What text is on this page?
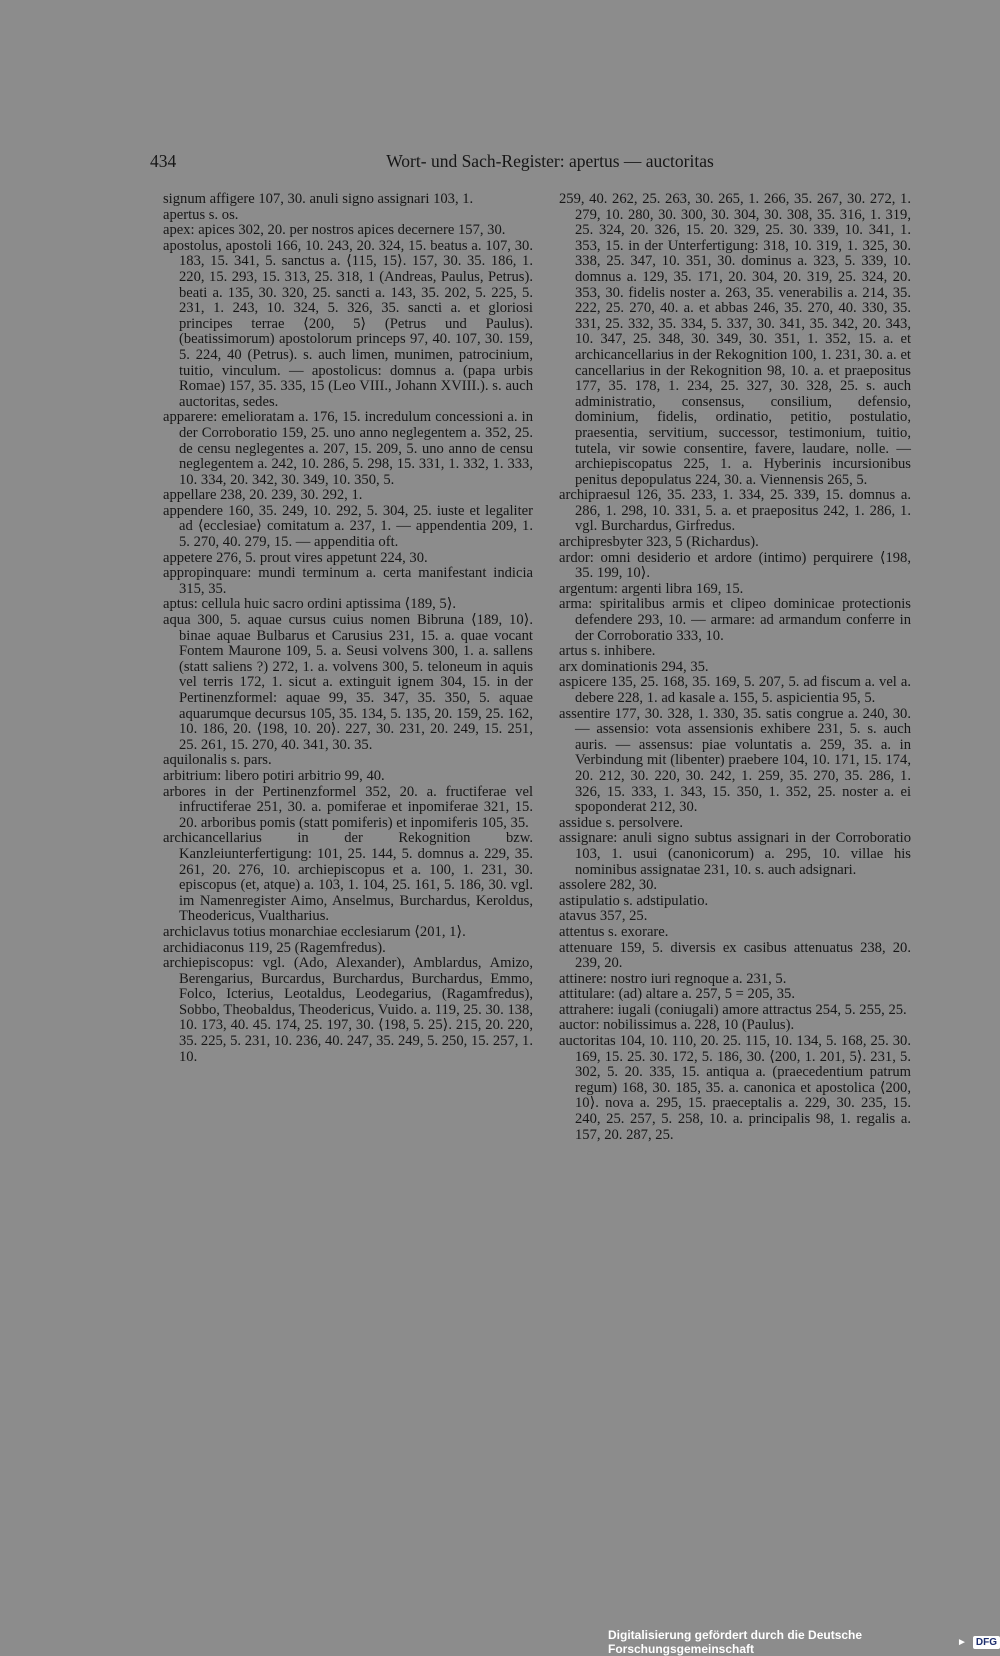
434	Wort- und Sach-Register: apertus — auctoritas

signum affigere 107, 30. anuli signo assignari 103, 1.

apertus s. os.

apex: apices 302, 20. per nostros apices decernere 157, 30.

apostolus, apostoli 166, 10. 243, 20. 324, 15. beatus a. 107, 30. 183, 15. 341, 5. sanctus a. ⟨115, 15⟩. 157, 30. 35. 186, 1. 220, 15. 293, 15. 313, 25. 318, 1 (Andreas, Paulus, Petrus). beati a. 135, 30. 320, 25. sancti a. 143, 35. 202, 5. 225, 5. 231, 1. 243, 10. 324, 5. 326, 35. sancti a. et gloriosi principes terrae ⟨200, 5⟩ (Petrus und Paulus). (beatissimorum) apostolorum princeps 97, 40. 107, 30. 159, 5. 224, 40 (Petrus). s. auch limen, munimen, patrocinium, tuitio, vinculum. — apostolicus: domnus a. (papa urbis Romae) 157, 35. 335, 15 (Leo VIII., Johann XVIII.). s. auch auctoritas, sedes.

apparere: emelioratam a. 176, 15. incredulum concessioni a. in der Corroboratio 159, 25. uno anno neglegentem a. 352, 25. de censu neglegentes a. 207, 15. 209, 5. uno anno de censu neglegentem a. 242, 10. 286, 5. 298, 15. 331, 1. 332, 1. 333, 10. 334, 20. 342, 30. 349, 10. 350, 5.

appellare 238, 20. 239, 30. 292, 1.

appendere 160, 35. 249, 10. 292, 5. 304, 25. iuste et legaliter ad ⟨ecclesiae⟩ comitatum a. 237, 1. — appendentia 209, 1. 5. 270, 40. 279, 15. — appenditia oft.

appetere 276, 5. prout vires appetunt 224, 30.

appropinquare: mundi terminum a. certa manifestant indicia 315, 35.

aptus: cellula huic sacro ordini aptissima ⟨189, 5⟩.

aqua 300, 5. aquae cursus cuius nomen Bibruna ⟨189, 10⟩. binae aquae Bulbarus et Carusius 231, 15. a. quae vocant Fontem Maurone 109, 5. a. Seusi volvens 300, 1. a. sallens (statt saliens ?) 272, 1. a. volvens 300, 5. teloneum in aquis vel terris 172, 1. sicut a. extinguit ignem 304, 15. in der Pertinenzformel: aquae 99, 35. 347, 35. 350, 5. aquae aquarumque decursus 105, 35. 134, 5. 135, 20. 159, 25. 162, 10. 186, 20. ⟨198, 10. 20⟩. 227, 30. 231, 20. 249, 15. 251, 25. 261, 15. 270, 40. 341, 30. 35.

aquilonalis s. pars.

arbitrium: libero potiri arbitrio 99, 40.

arbores in der Pertinenzformel 352, 20. a. fructiferae vel infructiferae 251, 30. a. pomiferae et inpomiferae 321, 15. 20. arboribus pomis (statt pomiferis) et inpomiferis 105, 35.

archicancellarius in der Rekognition bzw. Kanzleiunterfertigung: 101, 25. 144, 5. domnus a. 229, 35. 261, 20. 276, 10. archiepiscopus et a. 100, 1. 231, 30. episcopus (et, atque) a. 103, 1. 104, 25. 161, 5. 186, 30. vgl. im Namenregister Aimo, Anselmus, Burchardus, Keroldus, Theodericus, Vualtharius.

archiclavus totius monarchiae ecclesiarum ⟨201, 1⟩.

archidiaconus 119, 25 (Ragemfredus).

archiepiscopus: vgl. (Ado, Alexander), Amblardus, Amizo, Berengarius, Burcardus, Burchardus, Burchardus, Emmo, Folco, Icterius, Leotaldus, Leodegarius, (Ragamfredus), Sobbo, Theobaldus, Theodericus, Vuido. a. 119, 25. 30. 138, 10. 173, 40. 45. 174, 25. 197, 30. ⟨198, 5. 25⟩. 215, 20. 220, 35. 225, 5. 231, 10. 236, 40. 247, 35. 249, 5. 250, 15. 257, 1. 10.

259, 40. 262, 25. 263, 30. 265, 1. 266, 35. 267, 30. 272, 1. 279, 10. 280, 30. 300, 30. 304, 30. 308, 35. 316, 1. 319, 25. 324, 20. 326, 15. 20. 329, 25. 30. 339, 10. 341, 1. 353, 15. in der Unterfertigung: 318, 10. 319, 1. 325, 30. 338, 25. 347, 10. 351, 30. dominus a. 323, 5. 339, 10. domnus a. 129, 35. 171, 20. 304, 20. 319, 25. 324, 20. 353, 30. fidelis noster a. 263, 35. venerabilis a. 214, 35. 222, 25. 270, 40. a. et abbas 246, 35. 270, 40. 330, 35. 331, 25. 332, 35. 334, 5. 337, 30. 341, 35. 342, 20. 343, 10. 347, 25. 348, 30. 349, 30. 351, 1. 352, 15. a. et archicancellarius in der Rekognition 100, 1. 231, 30. a. et cancellarius in der Rekognition 98, 10. a. et praepositus 177, 35. 178, 1. 234, 25. 327, 30. 328, 25. s. auch administratio, consensus, consilium, defensio, dominium, fidelis, ordinatio, petitio, postulatio, praesentia, servitium, successor, testimonium, tuitio, tutela, vir sowie consentire, favere, laudare, nolle. — archiepiscopatus 225, 1. a. Hyberinis incursionibus penitus depopulatus 224, 30. a. Viennensis 265, 5.

archipraesul 126, 35. 233, 1. 334, 25. 339, 15. domnus a. 286, 1. 298, 10. 331, 5. a. et praepositus 242, 1. 286, 1. vgl. Burchardus, Girfredus.

archipresbyter 323, 5 (Richardus).

ardor: omni desiderio et ardore (intimo) perquirere ⟨198, 35. 199, 10⟩.

argentum: argenti libra 169, 15.

arma: spiritalibus armis et clipeo dominicae protectionis defendere 293, 10. — armare: ad armandum conferre in der Corroboratio 333, 10.

artus s. inhibere.

arx dominationis 294, 35.

aspicere 135, 25. 168, 35. 169, 5. 207, 5. ad fiscum a. vel a. debere 228, 1. ad kasale a. 155, 5. aspicientia 95, 5.

assentire 177, 30. 328, 1. 330, 35. satis congrue a. 240, 30. — assensio: vota assensionis exhibere 231, 5. s. auch auris. — assensus: piae voluntatis a. 259, 35. a. in Verbindung mit (libenter) praebere 104, 10. 171, 15. 174, 20. 212, 30. 220, 30. 242, 1. 259, 35. 270, 35. 286, 1. 326, 15. 333, 1. 343, 15. 350, 1. 352, 25. noster a. ei spoponderat 212, 30.

assidue s. persolvere.

assignare: anuli signo subtus assignari in der Corroboratio 103, 1. usui (canonicorum) a. 295, 10. villae his nominibus assignatae 231, 10. s. auch adsignari.

assolere 282, 30.

astipulatio s. adstipulatio.

atavus 357, 25.

attentus s. exorare.

attenuare 159, 5. diversis ex casibus attenuatus 238, 20. 239, 20.

attinere: nostro iuri regnoque a. 231, 5.

attitulare: (ad) altare a. 257, 5 = 205, 35.

attrahere: iugali (coniugali) amore attractus 254, 5. 255, 25.

auctor: nobilissimus a. 228, 10 (Paulus).

auctoritas 104, 10. 110, 20. 25. 115, 10. 134, 5. 168, 25. 30. 169, 15. 25. 30. 172, 5. 186, 30. ⟨200, 1. 201, 5⟩. 231, 5. 302, 5. 20. 335, 15. antiqua a. (praecedentium patrum regum) 168, 30. 185, 35. a. canonica et apostolica ⟨200, 10⟩. nova a. 295, 15. praeceptalis a. 229, 30. 235, 15. 240, 25. 257, 5. 258, 10. a. principalis 98, 1. regalis a. 157, 20. 287, 25.

Digitalisierung gefördert durch die Deutsche Forschungsgemeinschaft	► DFG
